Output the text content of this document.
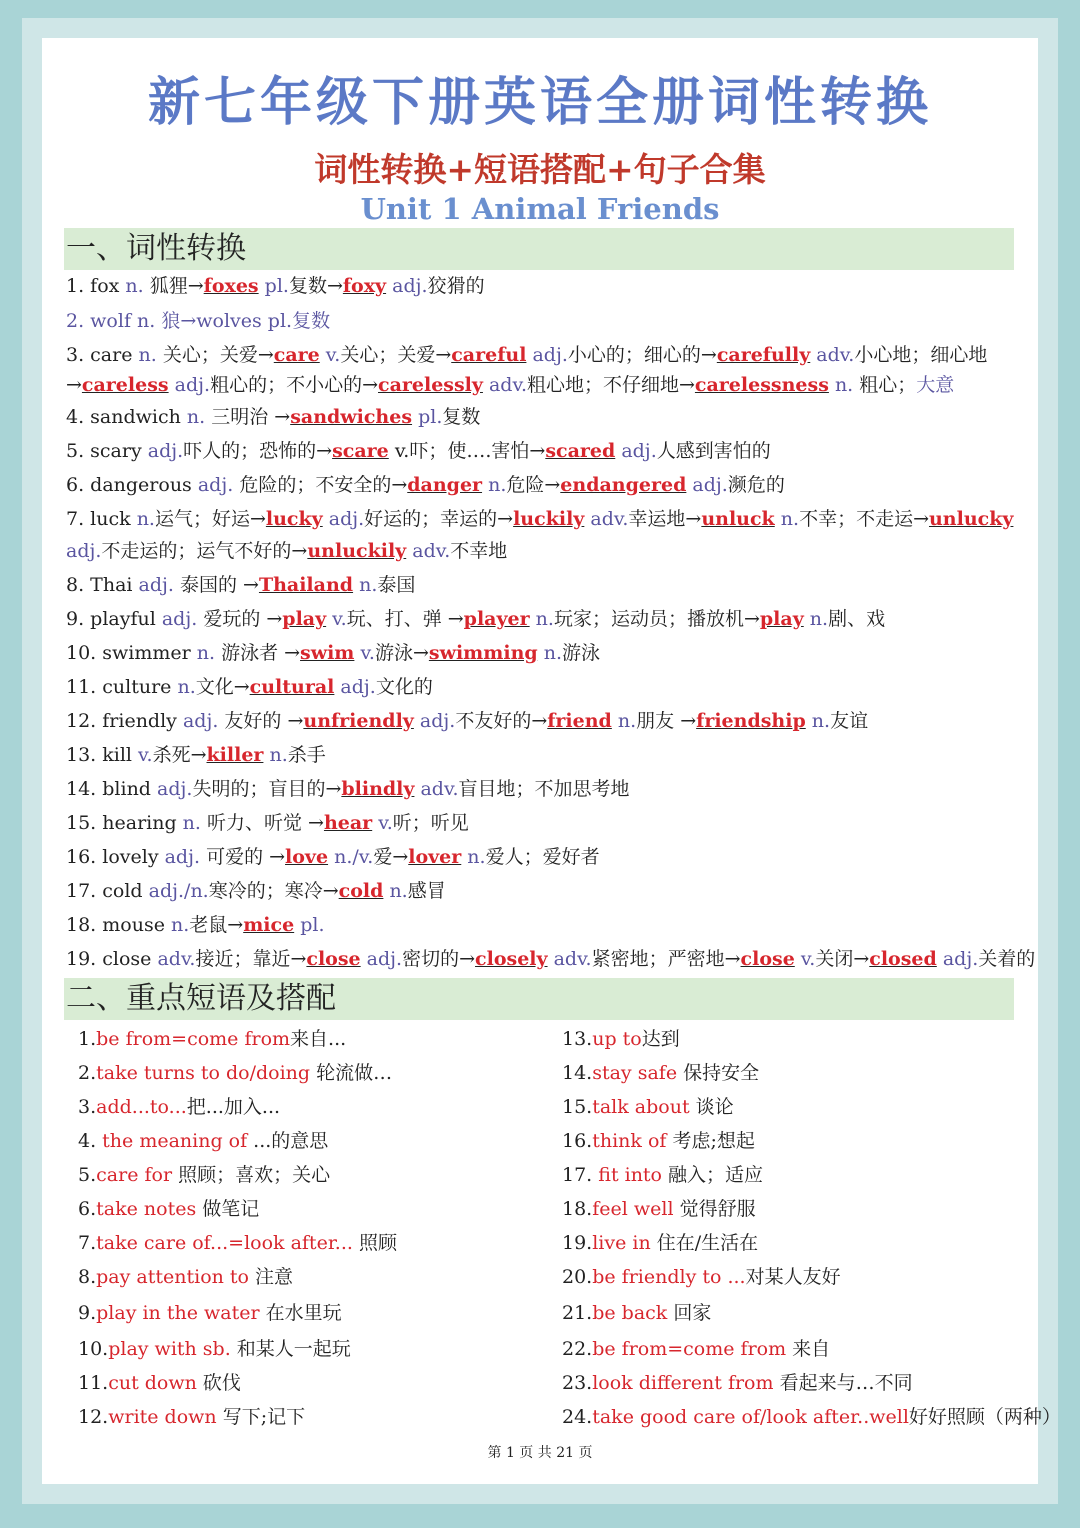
新七年级下册英语全册词性转换
词性转换+短语搭配+句子合集
Unit 1 Animal Friends
一、词性转换
1. fox n. 狐狸→foxes pl.复数→foxy adj.狡猾的
2. wolf n. 狼→wolves pl.复数
3. care n. 关心；关爱→care v.关心；关爱→careful adj.小心的；细心的→carefully adv.小心地；细心地
→careless adj.粗心的；不小心的→carelessly adv.粗心地；不仔细地→carelessness n. 粗心；大意
4. sandwich n. 三明治 →sandwiches pl.复数
5. scary adj.吓人的；恐怖的→scare v.吓；使….害怕→scared adj.人感到害怕的
6. dangerous adj. 危险的；不安全的→danger n.危险→endangered adj.濒危的
7. luck n.运气；好运→lucky adj.好运的；幸运的→luckily adv.幸运地→unluck n.不幸；不走运→unlucky
adj.不走运的；运气不好的→unluckily adv.不幸地
8. Thai adj. 泰国的 →Thailand n.泰国
9. playful adj. 爱玩的 →play v.玩、打、弹 →player n.玩家；运动员；播放机→play n.剧、戏
10. swimmer n. 游泳者 →swim v.游泳→swimming n.游泳
11. culture n.文化→cultural adj.文化的
12. friendly adj. 友好的 →unfriendly adj.不友好的→friend n.朋友 →friendship n.友谊
13. kill v.杀死→killer n.杀手
14. blind adj.失明的；盲目的→blindly adv.盲目地；不加思考地
15. hearing n. 听力、听觉 →hear v.听；听见
16. lovely adj. 可爱的 →love n./v.爱→lover n.爱人；爱好者
17. cold adj./n.寒冷的；寒冷→cold n.感冒
18. mouse n.老鼠→mice pl.
19. close adv.接近；靠近→close adj.密切的→closely adv.紧密地；严密地→close v.关闭→closed adj.关着的
二、重点短语及搭配
1.be from=come from来自...
2.take turns to do/doing 轮流做…
3.add...to...把...加入...
4. the meaning of ...的意思
5.care for 照顾；喜欢；关心
6.take notes 做笔记
7.take care of...=look after... 照顾
8.pay attention to 注意
9.play in the water 在水里玩
10.play with sb. 和某人一起玩
11.cut down 砍伐
12.write down 写下;记下
13.up to达到
14.stay safe 保持安全
15.talk about 谈论
16.think of 考虑;想起
17. fit into 融入；适应
18.feel well 觉得舒服
19.live in 住在/生活在
20.be friendly to ...对某人友好
21.be back 回家
22.be from=come from 来自
23.look different from 看起来与…不同
24.take good care of/look after..well好好照顾（两种）
第 1 页 共 21 页
